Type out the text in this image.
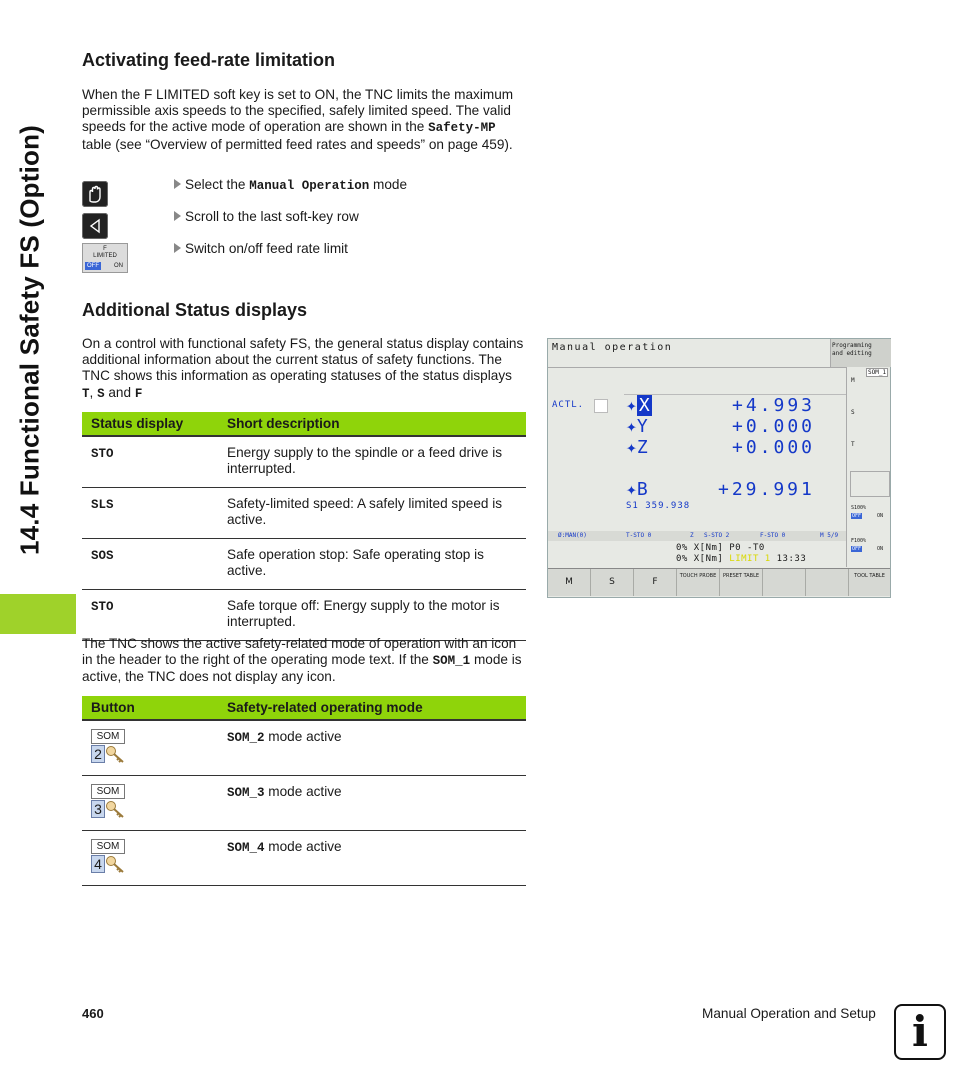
14.4 Functional Safety FS (Option)
Activating feed-rate limitation
When the F LIMITED soft key is set to ON, the TNC limits the maximum permissible axis speeds to the specified, safely limited speed. The valid speeds for the active mode of operation are shown in the Safety-MP table (see “Overview of permitted feed rates and speeds” on page 459).
Select the Manual Operation mode
Scroll to the last soft-key row
F
LIMITED
OFF	ON
Switch on/off feed rate limit
Additional Status displays
On a control with functional safety FS, the general status display contains additional information about the current status of safety functions. The TNC shows this information as operating statuses of the status displays T, S and F
Status display	Short description
STO	Energy supply to the spindle or a feed drive is interrupted.
SLS	Safety-limited speed: A safely limited speed is active.
SOS	Safe operation stop: Safe operating stop is active.
STO	Safe torque off: Energy supply to the motor is interrupted.
The TNC shows the active safety-related mode of operation with an icon in the header to the right of the operating mode text. If the SOM_1 mode is active, the TNC does not display any icon.
Button	Safety-related operating mode

SOM
2	SOM_2 mode active

SOM
3	SOM_3 mode active

SOM
4	SOM_4 mode active
Manual operation	Programming
and editing
SOM_1
ACTL. ✦ X	+4.993
✦Y	+0.000
✦Z	+0.000
✦B	+29.991
S1 359.938
Ø:MAN(0)	T-STO 0	Z S-STO 2	F-STO 0	M 5/9
0% X[Nm] P0 -T0
0% X[Nm] LIMIT 1 13:33
M
S
T
S100%
OFF	ON
F100%
OFF	ON
M	S	F
TOUCH PROBE	PRESET TABLE	TOOL TABLE
460	Manual Operation and Setup i
